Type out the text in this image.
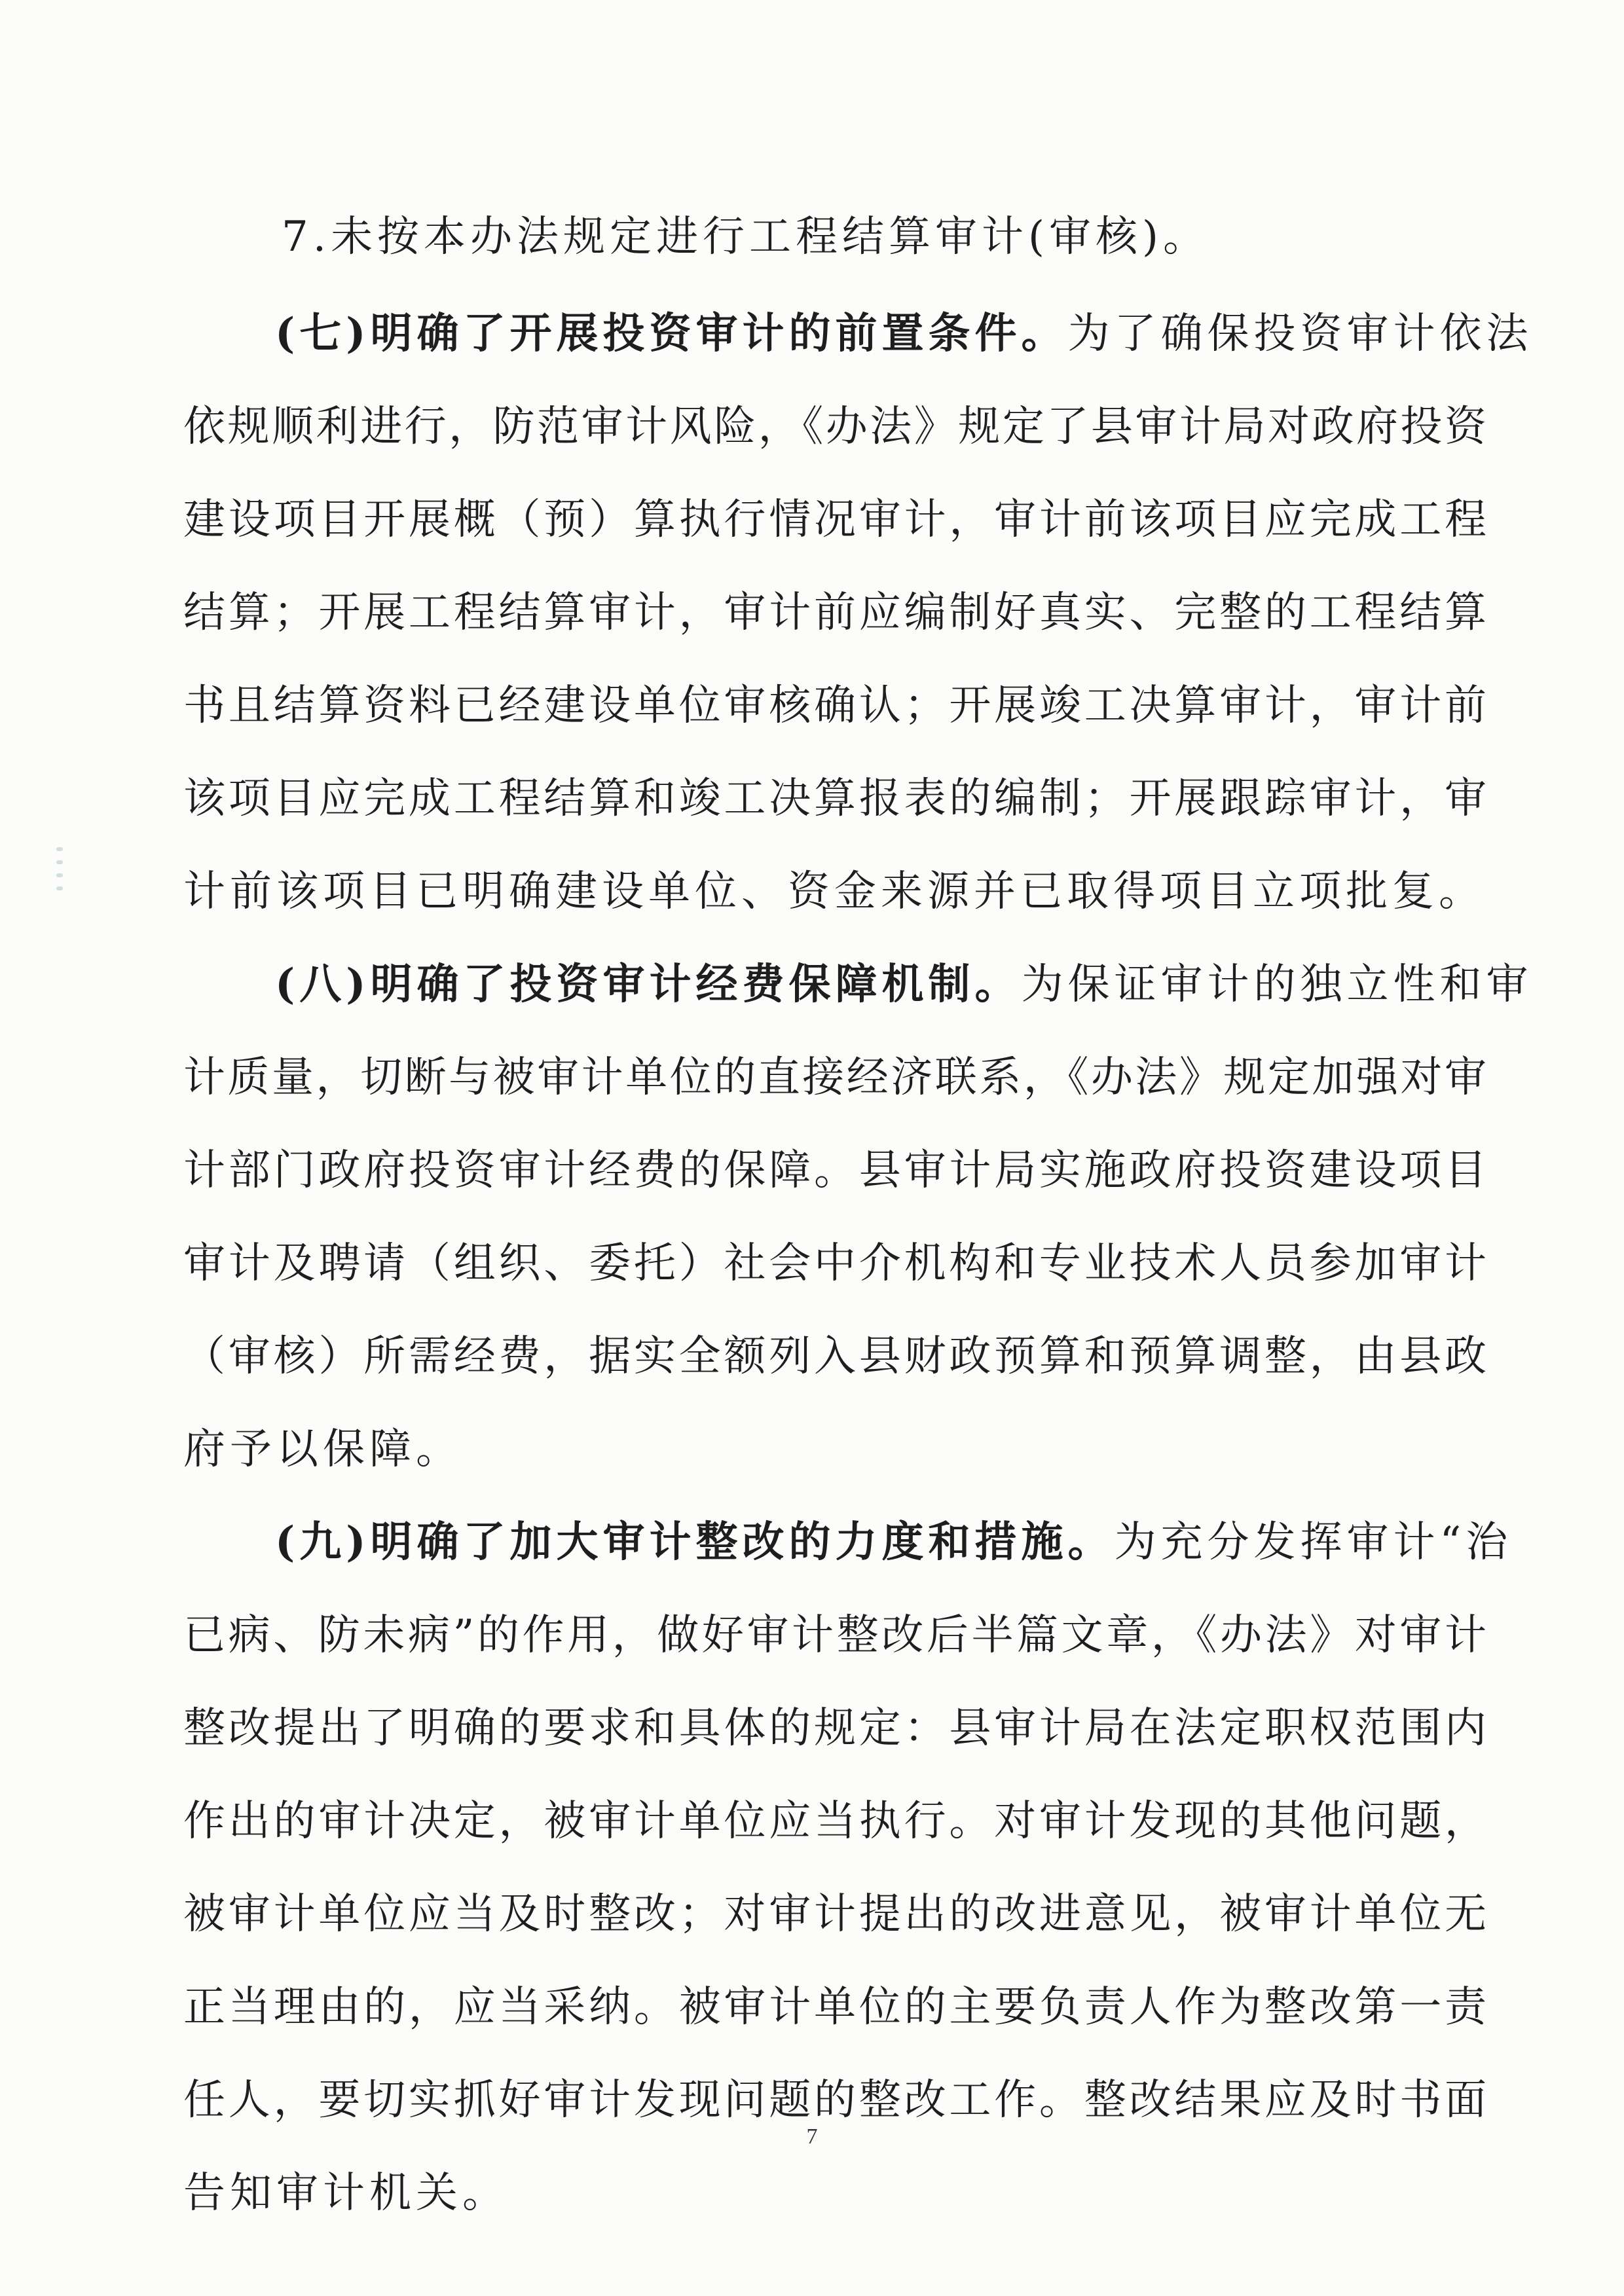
7.未按本办法规定进行工程结算审计(审核)。
(七)明确了开展投资审计的前置条件。为了确保投资审计依法
依规顺利进行，防范审计风险，《办法》规定了县审计局对政府投资
建设项目开展概（预）算执行情况审计，审计前该项目应完成工程
结算；开展工程结算审计，审计前应编制好真实、完整的工程结算
书且结算资料已经建设单位审核确认；开展竣工决算审计，审计前
该项目应完成工程结算和竣工决算报表的编制；开展跟踪审计，审
计前该项目已明确建设单位、资金来源并已取得项目立项批复。
(八)明确了投资审计经费保障机制。为保证审计的独立性和审
计质量，切断与被审计单位的直接经济联系，《办法》规定加强对审
计部门政府投资审计经费的保障。县审计局实施政府投资建设项目
审计及聘请（组织、委托）社会中介机构和专业技术人员参加审计
（审核）所需经费，据实全额列入县财政预算和预算调整，由县政
府予以保障。
(九)明确了加大审计整改的力度和措施。为充分发挥审计“治
已病、防未病”的作用，做好审计整改后半篇文章，《办法》对审计
整改提出了明确的要求和具体的规定：县审计局在法定职权范围内
作出的审计决定，被审计单位应当执行。对审计发现的其他问题，
被审计单位应当及时整改；对审计提出的改进意见，被审计单位无
正当理由的，应当采纳。被审计单位的主要负责人作为整改第一责
任人，要切实抓好审计发现问题的整改工作。整改结果应及时书面
告知审计机关。
7
